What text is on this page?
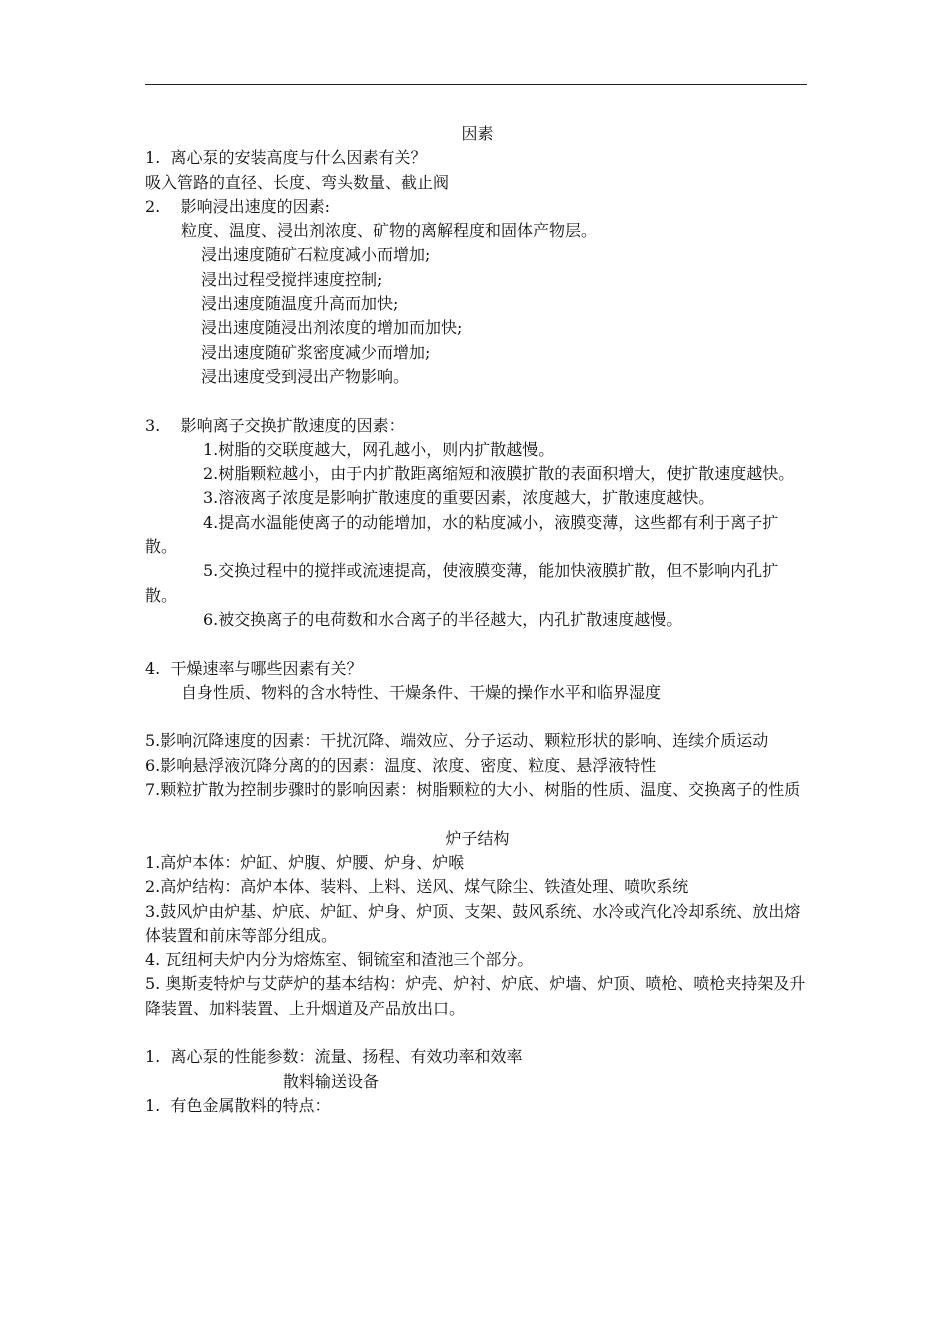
因素
1.  离心泵的安装高度与什么因素有关？
吸入管路的直径、长度、弯头数量、截止阀
2.    影响浸出速度的因素:
粒度、温度、浸出剂浓度、矿物的离解程度和固体产物层。
浸出速度随矿石粒度减小而增加;
浸出过程受搅拌速度控制;
浸出速度随温度升高而加快;
浸出速度随浸出剂浓度的增加而加快;
浸出速度随矿浆密度减少而增加;
浸出速度受到浸出产物影响。
3.    影响离子交换扩散速度的因素：
1.树脂的交联度越大，网孔越小，则内扩散越慢。
2.树脂颗粒越小，由于内扩散距离缩短和液膜扩散的表面积增大，使扩散速度越快。
3.溶液离子浓度是影响扩散速度的重要因素，浓度越大，扩散速度越快。
4.提高水温能使离子的动能增加，水的粘度减小，液膜变薄，这些都有利于离子扩散。
5.交换过程中的搅拌或流速提高，使液膜变薄，能加快液膜扩散，但不影响内孔扩散。
6.被交换离子的电荷数和水合离子的半径越大，内孔扩散速度越慢。
4.  干燥速率与哪些因素有关？
自身性质、物料的含水特性、干燥条件、干燥的操作水平和临界湿度
5.影响沉降速度的因素：干扰沉降、端效应、分子运动、颗粒形状的影响、连续介质运动
6.影响悬浮液沉降分离的的因素：温度、浓度、密度、粒度、悬浮液特性
7.颗粒扩散为控制步骤时的影响因素：树脂颗粒的大小、树脂的性质、温度、交换离子的性质
炉子结构
1.高炉本体：炉缸、炉腹、炉腰、炉身、炉喉
2.高炉结构：高炉本体、装料、上料、送风、煤气除尘、铁渣处理、喷吹系统
3.鼓风炉由炉基、炉底、炉缸、炉身、炉顶、支架、鼓风系统、水冷或汽化冷却系统、放出熔体装置和前床等部分组成。
4. 瓦纽柯夫炉内分为熔炼室、铜锍室和渣池三个部分。
5. 奥斯麦特炉与艾萨炉的基本结构：炉壳、炉衬、炉底、炉墙、炉顶、喷枪、喷枪夹持架及升降装置、加料装置、上升烟道及产品放出口。
1.  离心泵的性能参数：流量、扬程、有效功率和效率
散料输送设备
1.  有色金属散料的特点：
